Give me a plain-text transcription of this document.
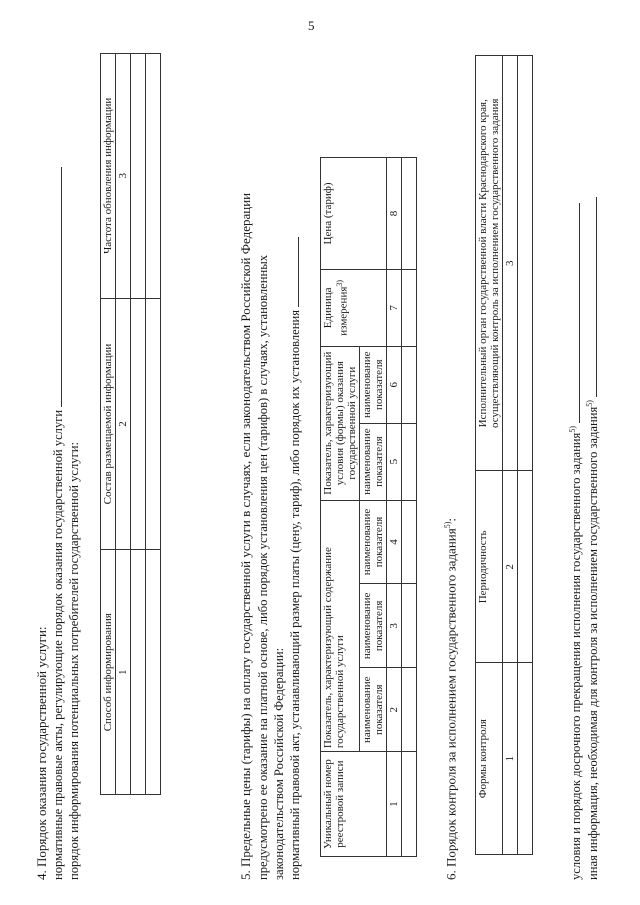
5
4. Порядок оказания государственной услуги: нормативные правовые акты, регулирующие порядок оказания государственной услуги порядок информирования потенциальных потребителей государственной услуги: Способ информирования	Состав размещаемой информации	Частота обновления информации
1	2	3

5. Предельные цены (тарифы) на оплату государственной услуги в случаях, если законодательством Российской Федерации предусмотрено ее оказание на платной основе, либо порядок установления цен (тарифов) в случаях, установленных законодательством Российской Федерации: нормативный правовой акт, устанавливающий размер платы (цену, тариф), либо порядок их установления Уникальный номер реестровой записи	Показатель, характеризующий содержание государственной услуги			Показатель, характеризующий условия (формы) оказания государственной услуги		Единица измерения$^{3)}$	Цена (тариф)
	наименование показателя	наименование показателя	наименование показателя	наименование показателя	наименование показателя		
1	2	3	4	5	6	7	8

6. Порядок контроля за исполнением государственного задания$^{5)}$:
Формы контроля	Периодичность	Исполнительный орган государственной власти Краснодарского края, осуществляющий контроль за исполнением государственного задания
1	2	3

условия и порядок досрочного прекращения исполнения государственного задания$^{5)}$ иная информация, необходимая для контроля за исполнением государственного задания$^{5)}$
